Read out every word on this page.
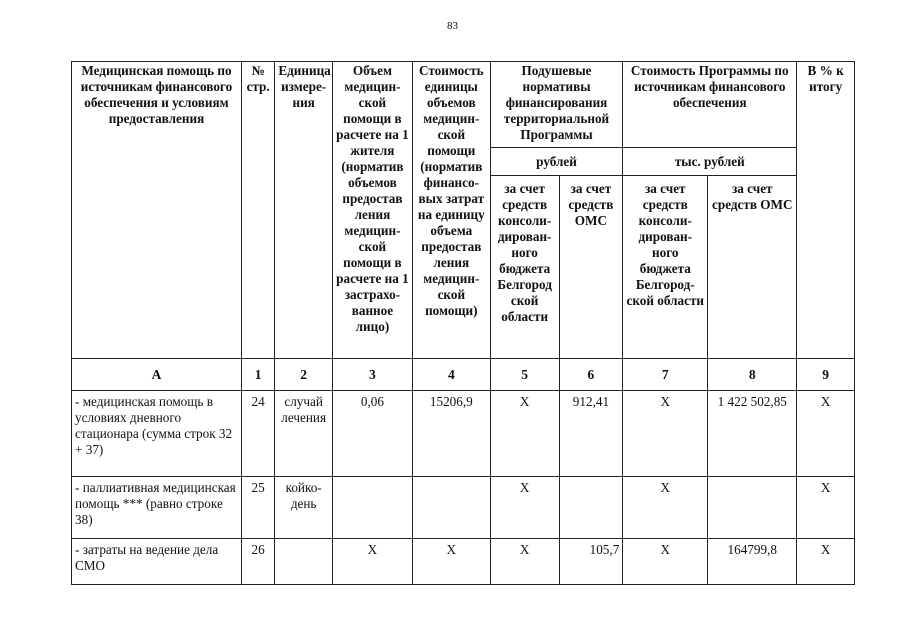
83
Медицинская помощь по источникам финансового обеспечения и условиям предоставления	№ стр.	Единица измере-ния	Объем медицин-ской помощи в расчете на 1 жителя (норматив объемов предостав ления медицин-ской помощи в расчете на 1 застрахо-ванное лицо)	Стоимость единицы объемов медицин-ской помощи (норматив финансо-вых затрат на единицу объема предостав ления медицин-ской помощи)	Подушевые нормативы финансирования территориальной Программы		Стоимость Программы по источникам финансового обеспечения		В % к итогу
					рублей		тыс. рублей		
					за счет средств консоли-дирован-ного бюджета Белгород ской области	за счет средств ОМС	за счет средств консоли-дирован-ного бюджета Белгород-ской области	за счет средств ОМС	
А	1	2	3	4	5	6	7	8	9
- медицинская помощь в условиях дневного стационара (сумма строк 32 + 37)	24	случай лечения	0,06	15206,9	Х	912,41	Х	1 422 502,85	Х
- паллиативная медицинская помощь *** (равно строке 38)	25	койко-день			Х		Х		Х
- затраты на ведение дела СМО	26		Х	Х	Х	105,7	Х	164799,8	Х
